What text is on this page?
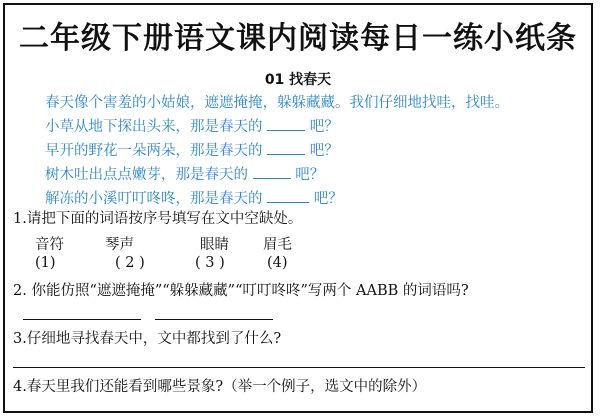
二年级下册语文课内阅读每日一练小纸条
01 找春天
春天像个害羞的小姑娘，遮遮掩掩，躲躲藏藏。我们仔细地找哇，找哇。
小草从地下探出头来，那是春天的	吧？
早开的野花一朵两朵，那是春天的	吧？
树木吐出点点嫩芽，那是春天的	吧？
解冻的小溪叮叮咚咚，那是春天的	吧？
1.请把下面的词语按序号填写在文中空缺处。
音符	琴声	眼睛 眉毛
(1)	( 2 )	( 3 )	(4)
2. 你能仿照“遮遮掩掩”“躲躲藏藏”“叮叮咚咚”写两个 AABB 的词语吗?
3.仔细地寻找春天中，文中都找到了什么?
4.春天里我们还能看到哪些景象?（举一个例子，选文中的除外）
